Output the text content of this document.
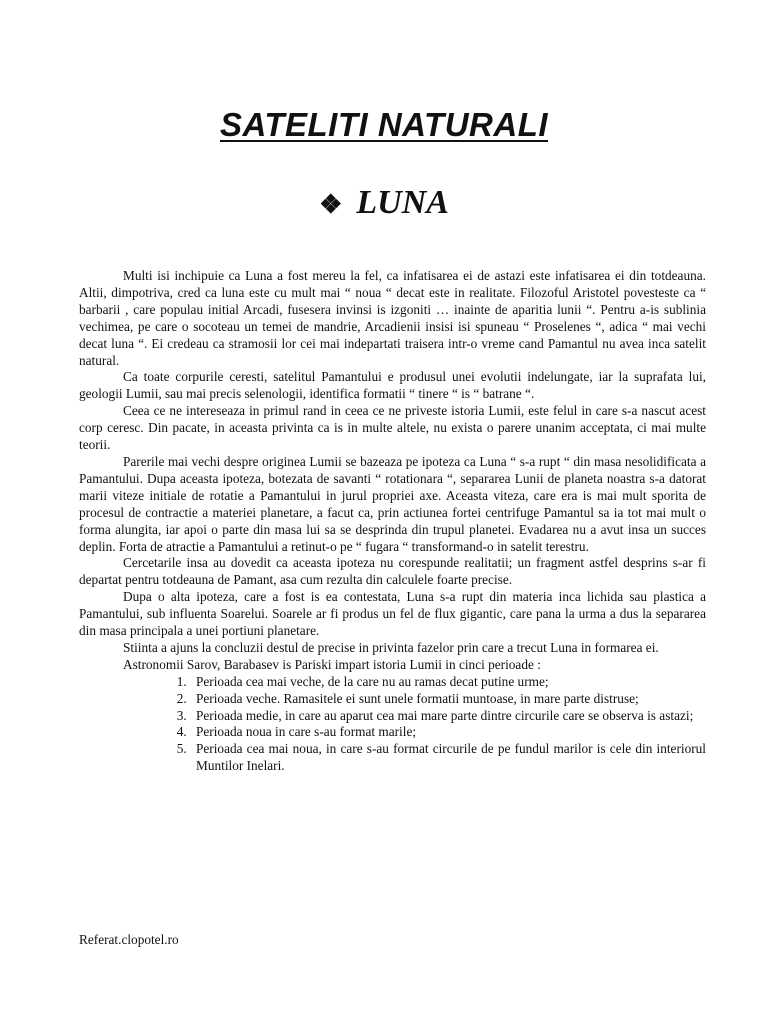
SATELITI NATURALI
❖ LUNA

Multi isi inchipuie ca Luna a fost mereu la fel, ca infatisarea ei de astazi este infatisarea ei din totdeauna. Altii, dimpotriva, cred ca luna este cu mult mai “ noua “ decat este in realitate. Filozoful Aristotel povesteste ca “ barbarii , care populau initial Arcadi, fusesera invinsi is izgoniti … inainte de aparitia lunii “. Pentru a-is sublinia vechimea, pe care o socoteau un temei de mandrie, Arcadienii insisi isi spuneau “ Proselenes “, adica “ mai vechi decat luna “. Ei credeau ca stramosii lor cei mai indepartati traisera intr-o vreme cand Pamantul nu avea inca satelit natural.

Ca toate corpurile ceresti, satelitul Pamantului e produsul unei evolutii indelungate, iar la suprafata lui, geologii Lumii, sau mai precis selenologii, identifica formatii “ tinere “ is “ batrane “.

Ceea ce ne intereseaza in primul rand in ceea ce ne priveste istoria Lumii, este felul in care s-a nascut acest corp ceresc. Din pacate, in aceasta privinta ca is in multe altele, nu exista o parere unanim acceptata, ci mai multe teorii.

Parerile mai vechi despre originea Lumii se bazeaza pe ipoteza ca Luna “ s-a rupt “ din masa nesolidificata a Pamantului. Dupa aceasta ipoteza, botezata de savanti “ rotationara “, separarea Lunii de planeta noastra s-a datorat marii viteze initiale de rotatie a Pamantului in jurul propriei axe. Aceasta viteza, care era is mai mult sporita de procesul de contractie a materiei planetare, a facut ca, prin actiunea fortei centrifuge Pamantul sa ia tot mai mult o forma alungita, iar apoi o parte din masa lui sa se desprinda din trupul planetei. Evadarea nu a avut insa un succes deplin. Forta de atractie a Pamantului a retinut-o pe “ fugara “ transformand-o in satelit terestru.

Cercetarile insa au dovedit ca aceasta ipoteza nu corespunde realitatii; un fragment astfel desprins s-ar fi departat pentru totdeauna de Pamant, asa cum rezulta din calculele foarte precise.

Dupa o alta ipoteza, care a fost is ea contestata, Luna s-a rupt din materia inca lichida sau plastica a Pamantului, sub influenta Soarelui. Soarele ar fi produs un fel de flux gigantic, care pana la urma a dus la separarea din masa principala a unei portiuni planetare.

Stiinta a ajuns la concluzii destul de precise in privinta fazelor prin care a trecut Luna in formarea ei.

Astronomii Sarov, Barabasev is Pariski impart istoria Lumii in cinci perioade :

1. Perioada cea mai veche, de la care nu au ramas decat putine urme;
2. Perioada veche. Ramasitele ei sunt unele formatii muntoase, in mare parte distruse;
3. Perioada medie, in care au aparut cea mai mare parte dintre circurile care se observa is astazi;
4. Perioada noua in care s-au format marile;
5. Perioada cea mai noua, in care s-au format circurile de pe fundul marilor is cele din interiorul Muntilor Inelari.
Referat.clopotel.ro
